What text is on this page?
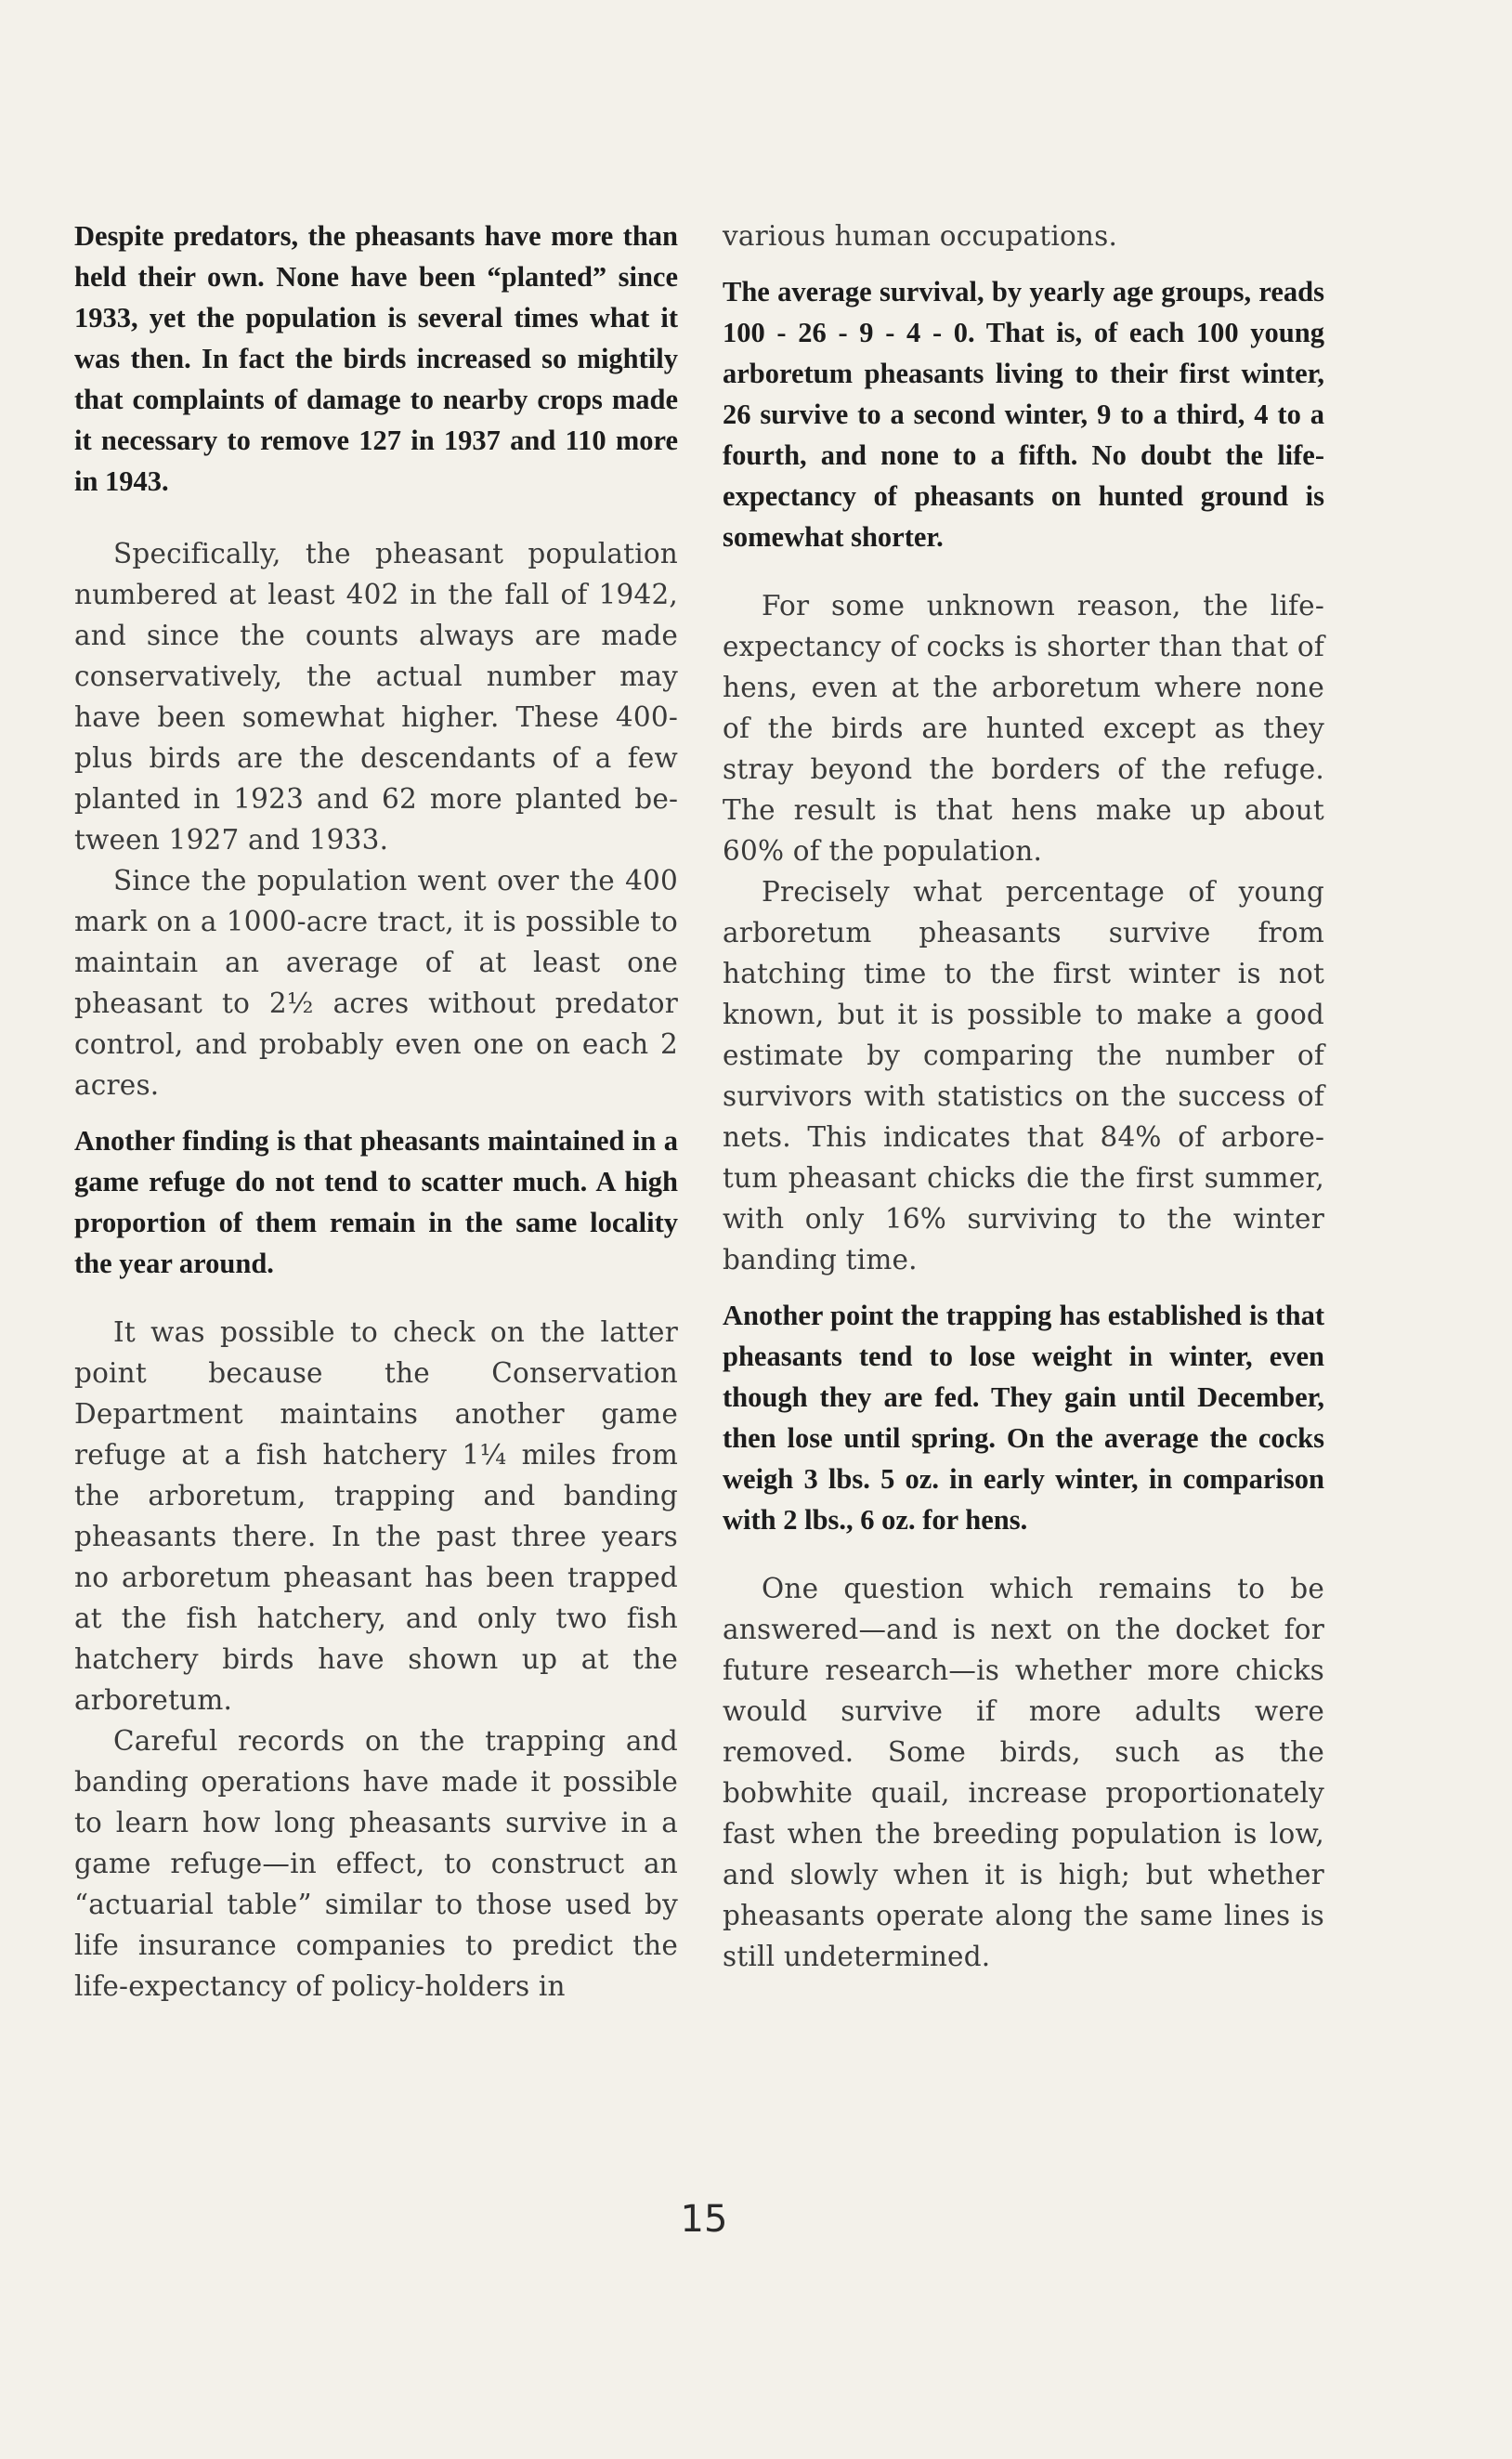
Despite predators, the pheasants have more than held their own. None have been “planted” since 1933, yet the population is several times what it was then. In fact the birds increased so mightily that complaints of damage to nearby crops made it necessary to remove 127 in 1937 and 110 more in 1943.

Specifically, the pheasant population numbered at least 402 in the fall of 1942, and since the counts always are made conservatively, the actual number may have been somewhat higher. These 400-plus birds are the descendants of a few planted in 1923 and 62 more planted between 1927 and 1933.

Since the population went over the 400 mark on a 1000-acre tract, it is possible to maintain an average of at least one pheasant to 2½ acres without predator control, and probably even one on each 2 acres.

Another finding is that pheasants maintained in a game refuge do not tend to scatter much. A high proportion of them remain in the same locality the year around.

It was possible to check on the latter point because the Conservation Department maintains another game refuge at a fish hatchery 1¼ miles from the arboretum, trapping and banding pheasants there. In the past three years no arboretum pheasant has been trapped at the fish hatchery, and only two fish hatchery birds have shown up at the arboretum.

Careful records on the trapping and banding operations have made it possible to learn how long pheasants survive in a game refuge—in effect, to construct an “actuarial table” similar to those used by life insurance companies to predict the life-expectancy of policy-holders in

various human occupations.

The average survival, by yearly age groups, reads 100 - 26 - 9 - 4 - 0. That is, of each 100 young arboretum pheasants living to their first winter, 26 survive to a second winter, 9 to a third, 4 to a fourth, and none to a fifth. No doubt the life-expectancy of pheasants on hunted ground is somewhat shorter.

For some unknown reason, the life-expectancy of cocks is shorter than that of hens, even at the arboretum where none of the birds are hunted except as they stray beyond the borders of the refuge. The result is that hens make up about 60% of the population.

Precisely what percentage of young arboretum pheasants survive from hatching time to the first winter is not known, but it is possible to make a good estimate by comparing the number of survivors with statistics on the success of nets. This indicates that 84% of arboretum pheasant chicks die the first summer, with only 16% surviving to the winter banding time.

Another point the trapping has established is that pheasants tend to lose weight in winter, even though they are fed. They gain until December, then lose until spring. On the average the cocks weigh 3 lbs. 5 oz. in early winter, in comparison with 2 lbs., 6 oz. for hens.

One question which remains to be answered—and is next on the docket for future research—is whether more chicks would survive if more adults were removed. Some birds, such as the bobwhite quail, increase proportionately fast when the breeding population is low, and slowly when it is high; but whether pheasants operate along the same lines is still undetermined.

15
